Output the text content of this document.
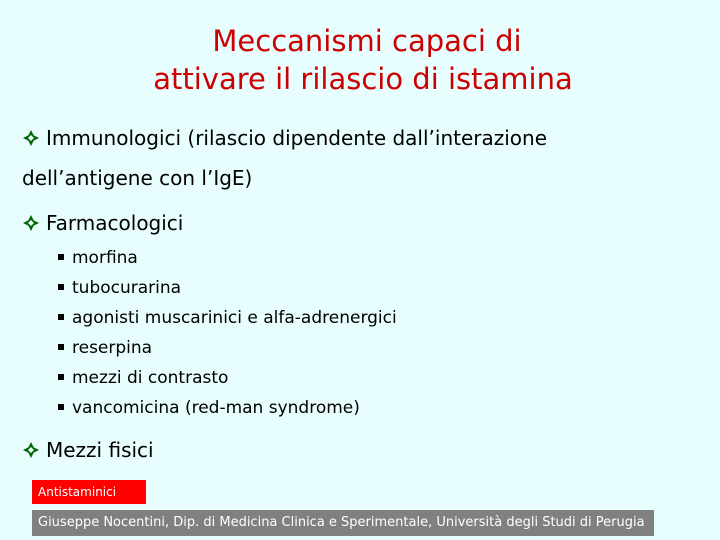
Meccanismi capaci di
attivare il rilascio di istamina
Immunologici (rilascio dipendente dall’interazione
dell’antigene con l’IgE)
Farmacologici
morfina
tubocurarina
agonisti muscarinici e alfa-adrenergici
reserpina
mezzi di contrasto
vancomicina (red-man syndrome)
Mezzi fisici
Antistaminici
Giuseppe Nocentini, Dip. di Medicina Clinica e Sperimentale, Università degli Studi di Perugia
